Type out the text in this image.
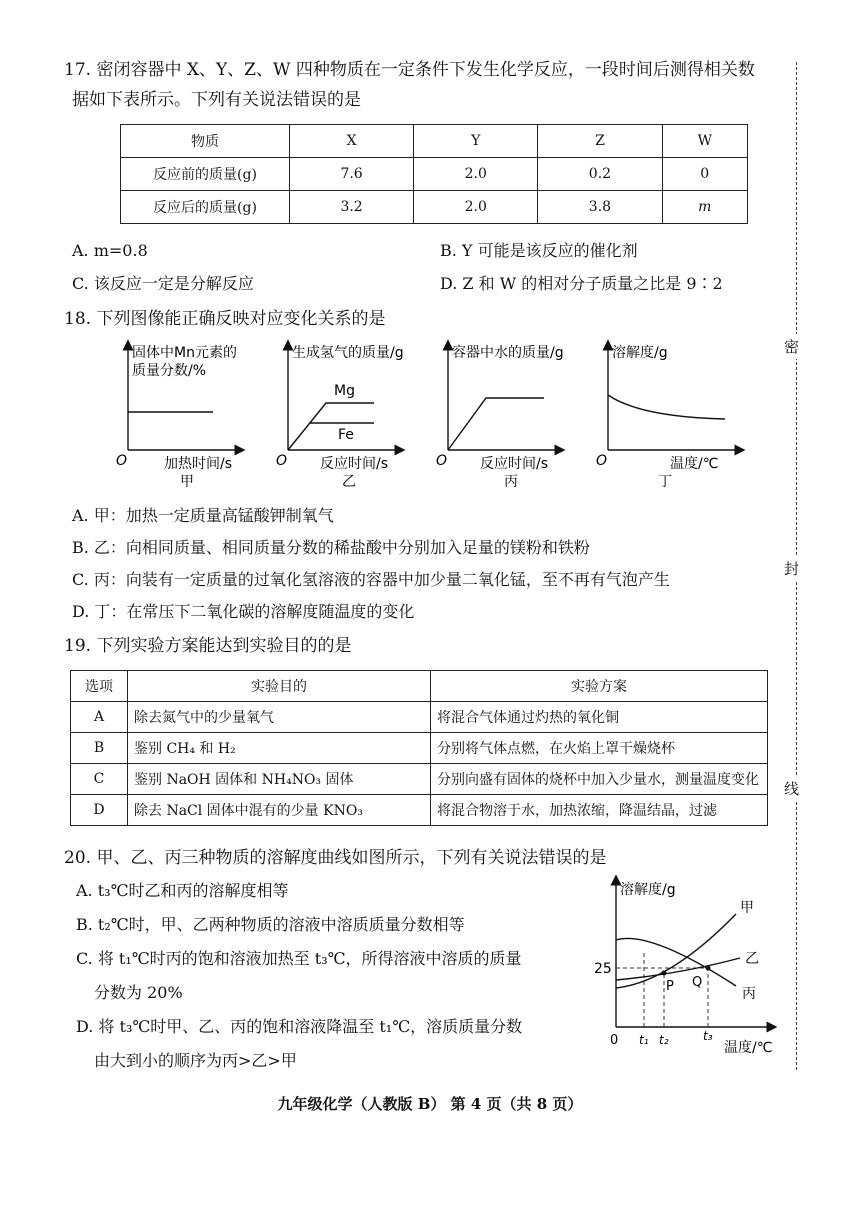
17. 密闭容器中 X、Y、Z、W 四种物质在一定条件下发生化学反应，一段时间后测得相关数
据如下表所示。下列有关说法错误的是
物质	X	Y	Z	W
反应前的质量(g)	7.6	2.0	0.2	0
反应后的质量(g)	3.2	2.0	3.8	m
A. m=0.8	B. Y 可能是该反应的催化剂
C. 该反应一定是分解反应	D. Z 和 W 的相对分子质量之比是 9∶2
18. 下列图像能正确反映对应变化关系的是
固体中Mn元素的
质量分数/%
O	加热时间/s
甲
生成氢气的质量/g
Mg
Fe
O 反应时间/s
乙
容器中水的质量/g
O 反应时间/s
丙
溶解度/g
O	温度/℃
丁
A. 甲：加热一定质量高锰酸钾制氧气
B. 乙：向相同质量、相同质量分数的稀盐酸中分别加入足量的镁粉和铁粉
C. 丙：向装有一定质量的过氧化氢溶液的容器中加少量二氧化锰，至不再有气泡产生
D. 丁：在常压下二氧化碳的溶解度随温度的变化
19. 下列实验方案能达到实验目的的是
选项	实验目的	实验方案
A	除去氮气中的少量氧气	将混合气体通过灼热的氧化铜
B	鉴别 CH₄ 和 H₂	分别将气体点燃，在火焰上罩干燥烧杯
C	鉴别 NaOH 固体和 NH₄NO₃ 固体	分别向盛有固体的烧杯中加入少量水，测量温度变化
D	除去 NaCl 固体中混有的少量 KNO₃	将混合物溶于水，加热浓缩，降温结晶，过滤
20. 甲、乙、丙三种物质的溶解度曲线如图所示，下列有关说法错误的是
A. t₃℃时乙和丙的溶解度相等
B. t₂℃时，甲、乙两种物质的溶液中溶质质量分数相等
C. 将 t₁℃时丙的饱和溶液加热至 t₃℃，所得溶液中溶质的质量
分数为 20%
D. 将 t₃℃时甲、乙、丙的饱和溶液降温至 t₁℃，溶质质量分数
由大到小的顺序为丙>乙>甲
溶解度/g
25
0 t₁ t₂	t₃
温度/℃
甲
乙
丙
P Q
密
封
线
九年级化学（人教版 B） 第 4 页（共 8 页）
